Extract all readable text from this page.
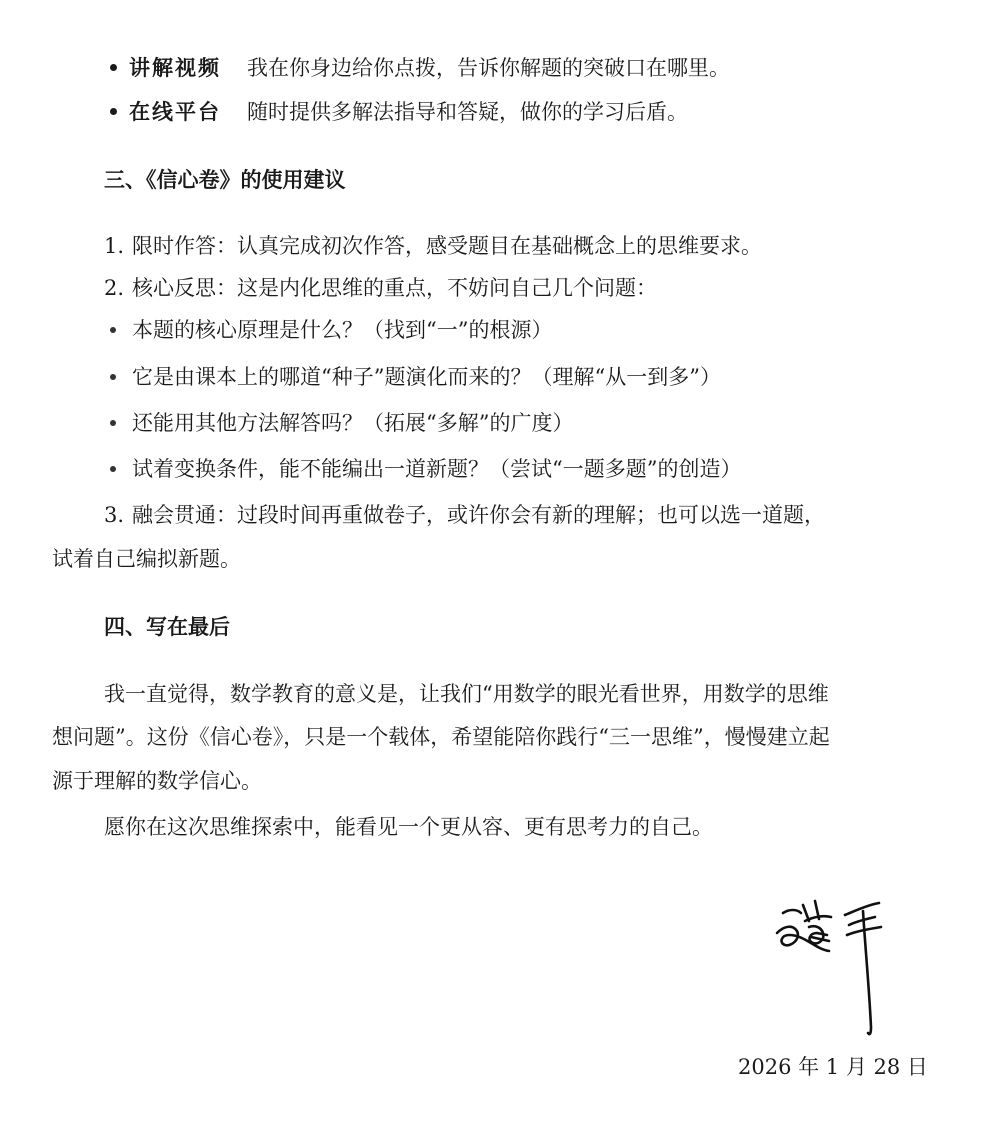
讲解视频 我在你身边给你点拨，告诉你解题的突破口在哪里。
在线平台 随时提供多解法指导和答疑，做你的学习后盾。
三、《信心卷》的使用建议
1. 限时作答：认真完成初次作答，感受题目在基础概念上的思维要求。
2. 核心反思：这是内化思维的重点，不妨问自己几个问题：
本题的核心原理是什么？（找到“一”的根源）
它是由课本上的哪道“种子”题演化而来的？（理解“从一到多”）
还能用其他方法解答吗？（拓展“多解”的广度）
试着变换条件，能不能编出一道新题？（尝试“一题多题”的创造）
3. 融会贯通：过段时间再重做卷子，或许你会有新的理解；也可以选一道题，
试着自己编拟新题。
四、写在最后
我一直觉得，数学教育的意义是，让我们“用数学的眼光看世界，用数学的思维
想问题”。这份《信心卷》，只是一个载体，希望能陪你践行“三一思维”，慢慢建立起
源于理解的数学信心。
愿你在这次思维探索中，能看见一个更从容、更有思考力的自己。
2026 年 1 月 28 日
